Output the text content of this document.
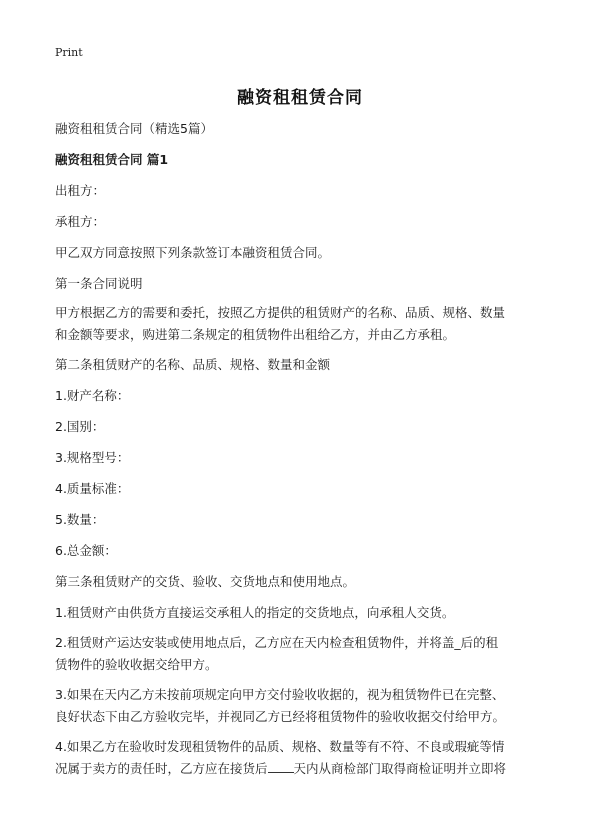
Print
融资租租赁合同
融资租租赁合同（精选5篇）
融资租租赁合同 篇1
出租方：
承租方：
甲乙双方同意按照下列条款签订本融资租赁合同。
第一条合同说明
甲方根据乙方的需要和委托，按照乙方提供的租赁财产的名称、品质、规格、数量
和金额等要求，购进第二条规定的租赁物件出租给乙方，并由乙方承租。
第二条租赁财产的名称、品质、规格、数量和金额
1.财产名称：
2.国别：
3.规格型号：
4.质量标准：
5.数量：
6.总金额：
第三条租赁财产的交货、验收、交货地点和使用地点。
1.租赁财产由供货方直接运交承租人的指定的交货地点，向承租人交货。
2.租赁财产运达安装或使用地点后，乙方应在天内检查租赁物件，并将盖_后的租
赁物件的验收收据交给甲方。
3.如果在天内乙方未按前项规定向甲方交付验收收据的，视为租赁物件已在完整、
良好状态下由乙方验收完毕，并视同乙方已经将租赁物件的验收收据交付给甲方。
4.如果乙方在验收时发现租赁物件的品质、规格、数量等有不符、不良或瑕疵等情
况属于卖方的责任时，乙方应在接货后 天内从商检部门取得商检证明并立即将
